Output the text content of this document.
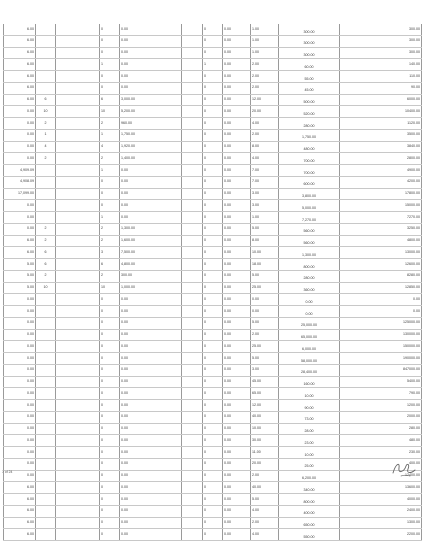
6.00			0	0.00		0	0.00	1.00	300.00	300.00
6.00			0	0.00		0	0.00	1.00	300.00	300.00
6.00			0	0.00		0	0.00	1.00	300.00	300.00
6.00			1	0.00		1	0.00	2.00	60.00	140.00
6.00			0	0.00		0	0.00	2.00	55.00	110.00
6.00			0	0.00		0	0.00	2.00	45.00	90.00
6.00	6		6	3,000.00		0	0.00	12.00	500.00	6000.00
0.00	10		10	5,200.00		0	0.00	20.00	520.00	10400.00
0.00	2		2	960.00		0	0.00	4.00	280.00	1120.00
0.00	1		1	1,750.00		0	0.00	2.00	1,750.00	3500.00
0.00	4		4	1,920.00		0	0.00	8.00	480.00	3840.00
0.00	2		2	1,400.00		0	0.00	4.00	700.00	2800.00
4,909.09			1	0.00		0	0.00	7.00	700.00	4900.00
4,908.09			0	0.00		0	0.00	7.00	600.00	4200.00
17,099.00			0	0.00		0	0.00	3.00	3,800.00	17800.00
0.00			0	0.00		0	0.00	3.00	5,000.00	15000.00
0.00			1	0.00		0	0.00	1.00	7,270.00	7270.00
0.00	2		2	1,300.00		0	0.00	5.00	560.00	3250.00
6.00	2		2	1,600.00		0	0.00	8.00	560.00	4800.00
6.00	6		3	7,500.00		0	0.00	10.00	1,300.00	13000.00
5.00	6		6	4,800.00		0	0.00	18.00	800.00	12600.00
5.00	2		2	300.00		0	0.00	5.00	280.00	8280.00
5.00	10		10	1,000.00		0	0.00	25.00	360.00	12850.00
0.00			0	0.00		0	0.00	0.00	0.00	0.00
0.00			0	0.00		0	0.00	0.00	0.00	0.00
0.00			0	0.00		0	0.00	5.00	25,000.00	125000.00
0.00			0	0.00		0	0.00	2.00	65,000.00	130000.00
0.00			0	0.00		0	0.00	25.00	6,000.00	150000.00
0.00			0	0.00		0	0.00	5.00	58,000.00	190000.00
0.00			0	0.00		0	0.00	3.00	28,400.00	847000.00
0.00			0	0.00		0	0.00	45.00	160.00	5400.00
0.00			0	0.00		0	0.00	65.00	10.00	790.00
0.00			0	0.00		0	0.00	12.00	90.00	1200.00
0.00			0	0.00		0	0.00	40.00	73.00	2000.00
0.00			0	0.00		0	0.00	10.00	28.00	280.00
0.00			0	0.00		0	0.00	30.00	23.00	480.00
0.00			0	0.00		0	0.00	11.00	10.00	230.00
0.00			0	0.00		0	0.00	20.00	25.00	400.00
0.00			0	0.00		0	0.00	2.00	6,200.00	12400.00
6.00			0	0.00		0	0.00	40.00	340.00	13600.00
6.00			0	0.00		0	0.00	5.00	800.00	4000.00
6.00			0	0.00		0	0.00	4.00	400.00	2400.00
6.00			0	0.00		0	0.00	2.00	650.00	1300.00
6.00			0	0.00		0	0.00	4.00	550.00	2200.00
7 of 24
